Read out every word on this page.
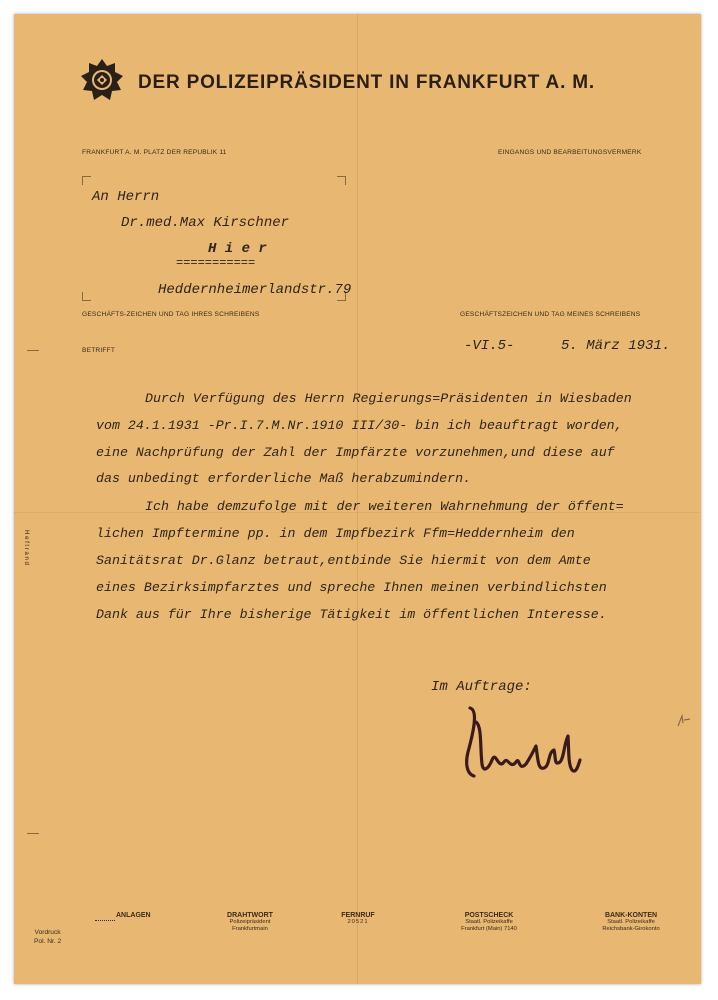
DER POLIZEIPRÄSIDENT IN FRANKFURT A. M.
FRANKFURT A. M. PLATZ DER REPUBLIK 11	EINGANGS UND BEARBEITUNGSVERMERK
An Herrn
Dr.med.Max Kirschner
H i e r
===========
Heddernheimerlandstr.79
GESCHÄFTS-ZEICHEN UND TAG IHRES SCHREIBENS	GESCHÄFTSZEICHEN UND TAG MEINES SCHREIBENS
BETRIFFT	-VI.5-	5. März 1931.
Durch Verfügung des Herrn Regierungs=Präsidenten in Wiesbaden
vom 24.1.1931 -Pr.I.7.M.Nr.1910 III/30- bin ich beauftragt worden,
eine Nachprüfung der Zahl der Impfärzte vorzunehmen,und diese auf
das unbedingt erforderliche Maß herabzumindern.
Ich habe demzufolge mit der weiteren Wahrnehmung der öffent=
lichen Impftermine pp. in dem Impfbezirk Ffm=Heddernheim den
Sanitätsrat Dr.Glanz betraut,entbinde Sie hiermit von dem Amte
eines Bezirksimpfarztes und spreche Ihnen meinen verbindlichsten
Dank aus für Ihre bisherige Tätigkeit im öffentlichen Interesse.
Heftrand
Im Auftrage:
Vordruck
Pol. Nr. 2
ANLAGEN	DRAHTWORT
Polizeipräsident
Frankfurtmain
FERNRUF
20521
POSTSCHECK
Staatl. Polizeikaffe
Frankfurt (Main) 7140
BANK-KONTEN
Staatl. Polizeikaffe
Reichsbank-Girokonto
